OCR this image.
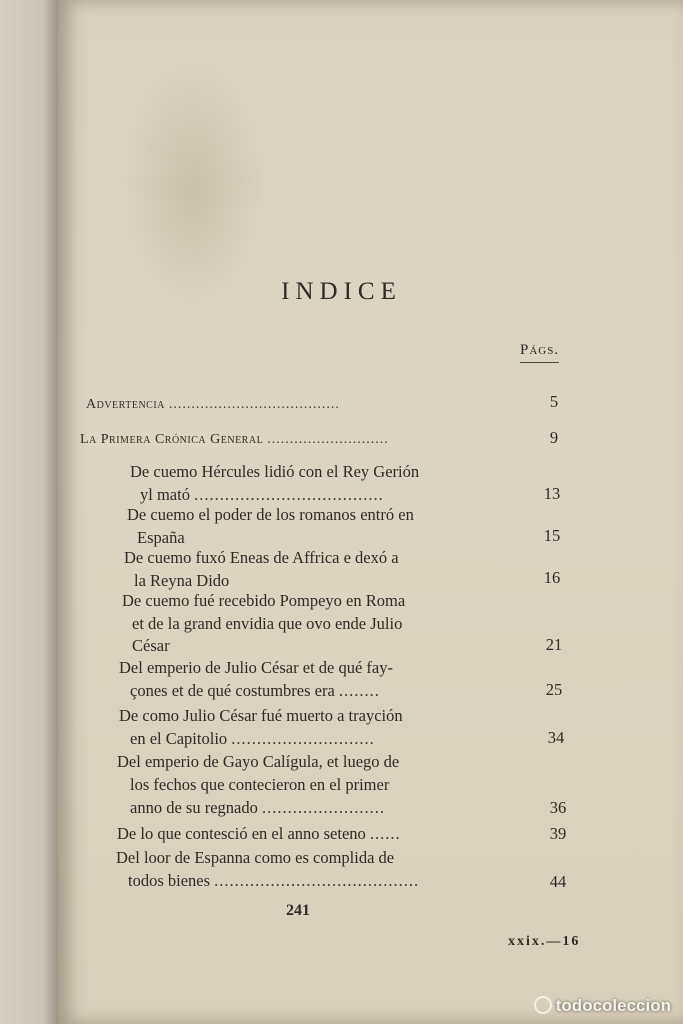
INDICE
Págs.
Advertencia ......................................	5
La Primera Crónica General ...........................	9
De cuemo Hércules lidió con el Rey Gerión
yl mató .....................................	13
De cuemo el poder de los romanos entró en
España	15
De cuemo fuxó Eneas de Affrica e dexó a
la Reyna Dido	16
De cuemo fué recebido Pompeyo en Roma
et de la grand envidia que ovo ende Julio
César	21
Del emperio de Julio César et de qué fay-
çones et de qué costumbres era ........	25
De como Julio César fué muerto a trayción
en el Capitolio ............................	34
Del emperio de Gayo Calígula, et luego de
los fechos que contecieron en el primer
anno de su regnado ........................	36
De lo que contesció en el anno seteno ......	39
Del loor de Espanna como es complida de
todos bienes ........................................	44
241
xxix.—16
todocoleccion
